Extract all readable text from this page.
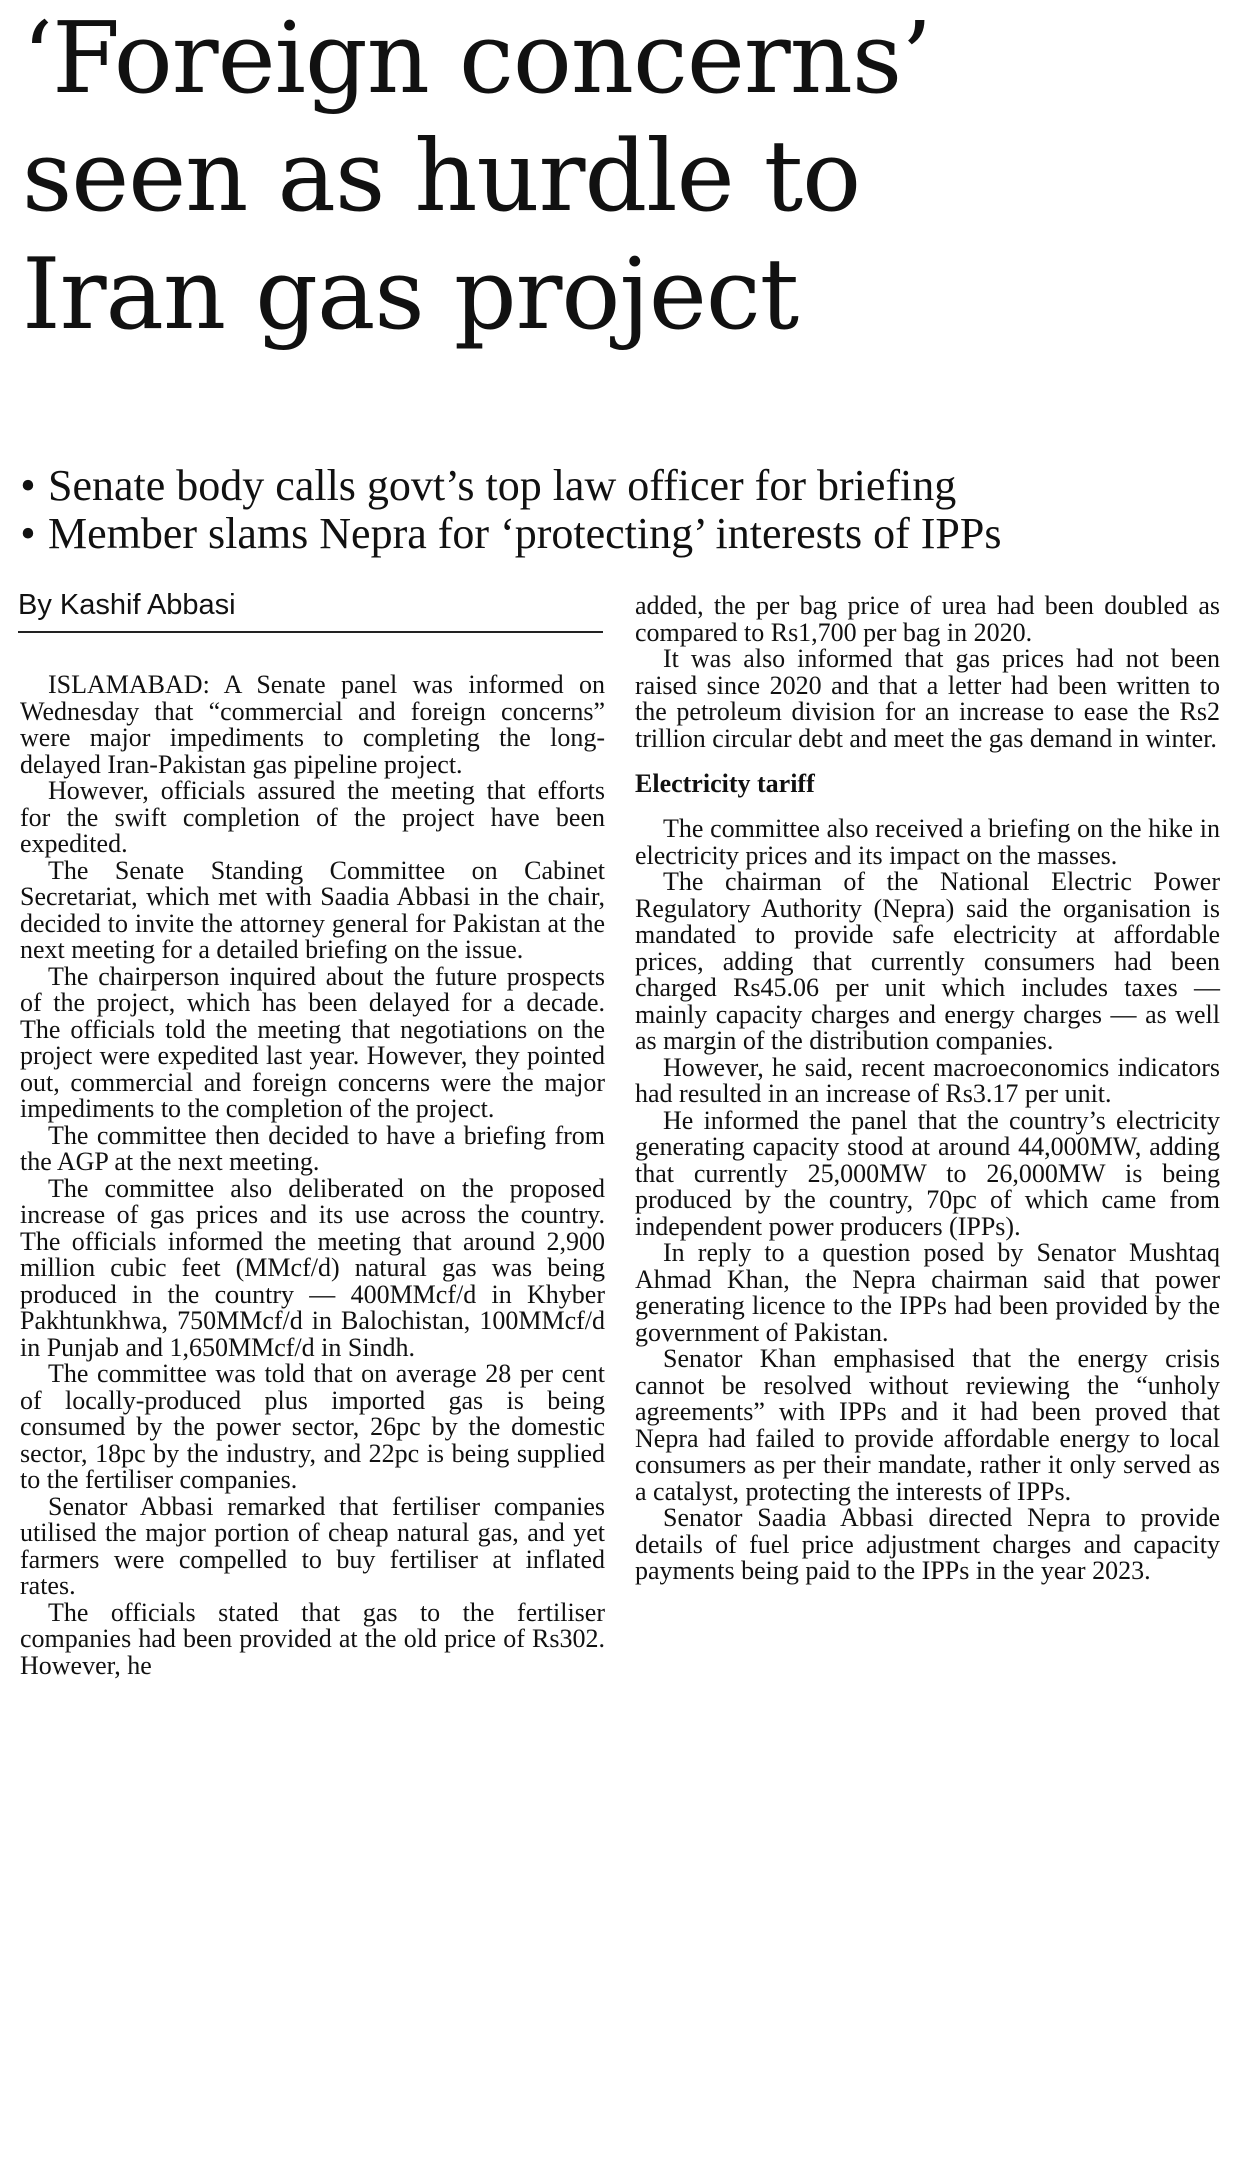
‘Foreign concerns’
seen as hurdle to
Iran gas project
• Senate body calls govt’s top law officer for briefing
• Member slams Nepra for ‘protecting’ interests of IPPs
By Kashif Abbasi

ISLAMABAD: A Senate panel was informed on Wednesday that “commercial and foreign concerns” were major impediments to completing the long-delayed Iran-Pakistan gas pipeline project.

However, officials assured the meeting that efforts for the swift completion of the project have been expedited.

The Senate Standing Committee on Cabinet Secretariat, which met with Saadia Abbasi in the chair, decided to invite the attorney general for Pakistan at the next meeting for a detailed briefing on the issue.

The chairperson inquired about the future prospects of the project, which has been delayed for a decade. The officials told the meeting that negotiations on the project were expedited last year. However, they pointed out, commercial and foreign concerns were the major impediments to the completion of the project.

The committee then decided to have a briefing from the AGP at the next meeting.

The committee also deliberated on the proposed increase of gas prices and its use across the country. The officials informed the meeting that around 2,900 million cubic feet (MMcf/d) natural gas was being produced in the country — 400MMcf/d in Khyber Pakhtunkhwa, 750MMcf/d in Balochistan, 100MMcf/d in Punjab and 1,650MMcf/d in Sindh.

The committee was told that on average 28 per cent of locally-produced plus imported gas is being consumed by the power sector, 26pc by the domestic sector, 18pc by the industry, and 22pc is being supplied to the fertiliser companies.

Senator Abbasi remarked that fertiliser companies utilised the major portion of cheap natural gas, and yet farmers were compelled to buy fertiliser at inflated rates.

The officials stated that gas to the fertiliser companies had been provided at the old price of Rs302. However, he

added, the per bag price of urea had been doubled as compared to Rs1,700 per bag in 2020.

It was also informed that gas prices had not been raised since 2020 and that a letter had been written to the petroleum division for an increase to ease the Rs2 trillion circular debt and meet the gas demand in winter.

Electricity tariff

The committee also received a briefing on the hike in electricity prices and its impact on the masses.

The chairman of the National Electric Power Regulatory Authority (Nepra) said the organisation is mandated to provide safe electricity at affordable prices, adding that currently consumers had been charged Rs45.06 per unit which includes taxes — mainly capacity charges and energy charges — as well as margin of the distribution companies.

However, he said, recent macroeconomics indicators had resulted in an increase of Rs3.17 per unit.

He informed the panel that the country’s electricity generating capacity stood at around 44,000MW, adding that currently 25,000MW to 26,000MW is being produced by the country, 70pc of which came from independent power producers (IPPs).

In reply to a question posed by Senator Mushtaq Ahmad Khan, the Nepra chairman said that power generating licence to the IPPs had been provided by the government of Pakistan.

Senator Khan emphasised that the energy crisis cannot be resolved without reviewing the “unholy agreements” with IPPs and it had been proved that Nepra had failed to provide affordable energy to local consumers as per their mandate, rather it only served as a catalyst, protecting the interests of IPPs.

Senator Saadia Abbasi directed Nepra to provide details of fuel price adjustment charges and capacity payments being paid to the IPPs in the year 2023.
